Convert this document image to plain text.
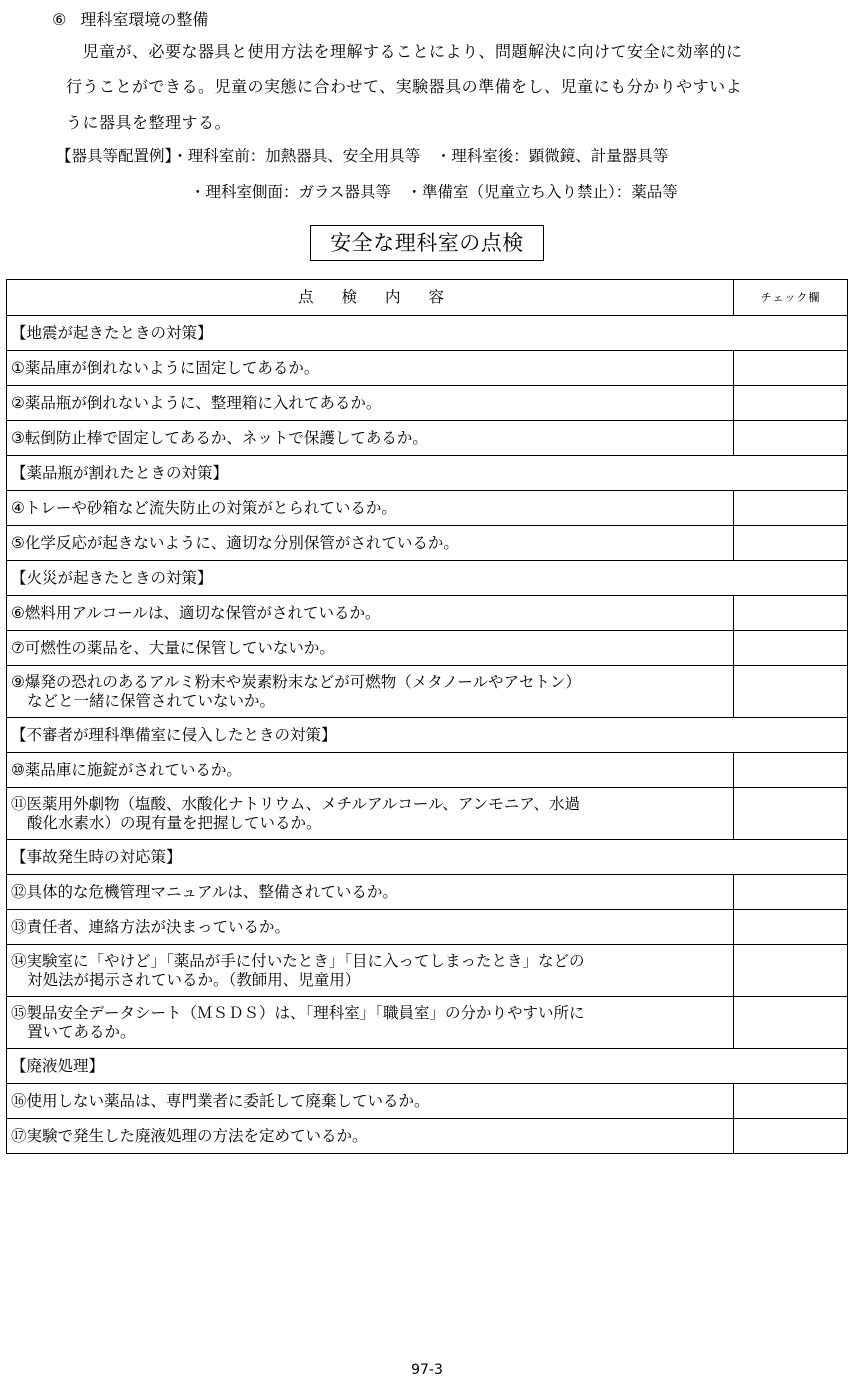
⑥ 理科室環境の整備
　児童が、必要な器具と使用方法を理解することにより、問題解決に向けて安全に効率的に
行うことができる。児童の実態に合わせて、実験器具の準備をし、児童にも分かりやすいよ
うに器具を整理する。
【器具等配置例】・理科室前：加熱器具、安全用具等　・理科室後：顕微鏡、計量器具等
・理科室側面：ガラス器具等　・準備室（児童立ち入り禁止）：薬品等
安全な理科室の点検
点検内容	チェック欄
【地震が起きたときの対策】	

①薬品庫が倒れないように固定してあるか。	

②薬品瓶が倒れないように、整理箱に入れてあるか。	

③転倒防止棒で固定してあるか、ネットで保護してあるか。	

【薬品瓶が割れたときの対策】	

④トレーや砂箱など流失防止の対策がとられているか。	

⑤化学反応が起きないように、適切な分別保管がされているか。	

【火災が起きたときの対策】	

⑥燃料用アルコールは、適切な保管がされているか。	

⑦可燃性の薬品を、大量に保管していないか。	

⑨爆発の恐れのあるアルミ粉末や炭素粉末などが可燃物（メタノールやアセトン）
などと一緒に保管されていないか。	

【不審者が理科準備室に侵入したときの対策】	

⑩薬品庫に施錠がされているか。	

⑪医薬用外劇物（塩酸、水酸化ナトリウム、メチルアルコール、アンモニア、水過
酸化水素水）の現有量を把握しているか。	

【事故発生時の対応策】	

⑫具体的な危機管理マニュアルは、整備されているか。	

⑬責任者、連絡方法が決まっているか。	

⑭実験室に「やけど」「薬品が手に付いたとき」「目に入ってしまったとき」などの
対処法が掲示されているか。（教師用、児童用）	

⑮製品安全データシート（ＭＳＤＳ）は、「理科室」「職員室」の分かりやすい所に
置いてあるか。	

【廃液処理】	

⑯使用しない薬品は、専門業者に委託して廃棄しているか。	

⑰実験で発生した廃液処理の方法を定めているか。	

97-3
